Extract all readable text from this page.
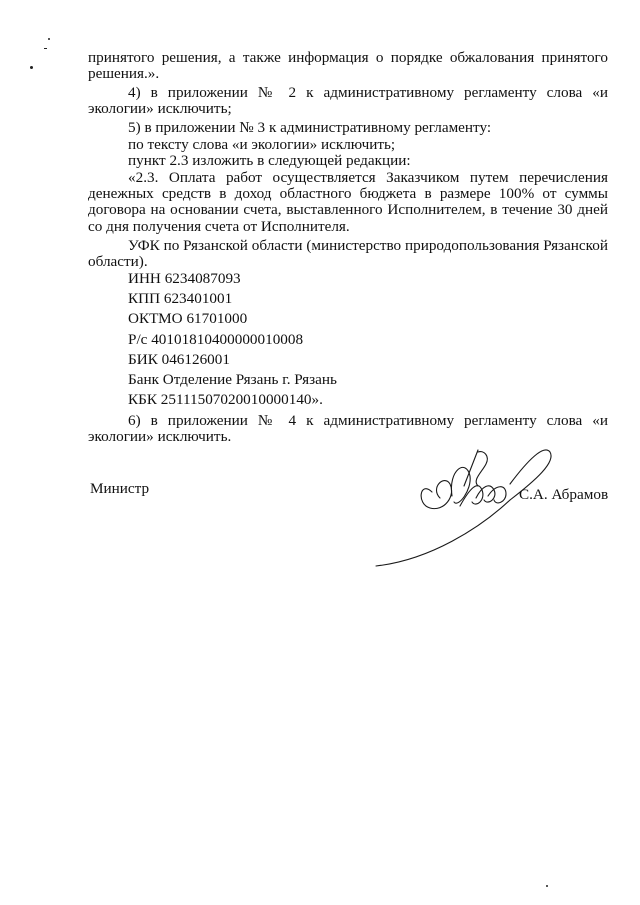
принятого решения, а также информация о порядке обжалования принятого решения.».

4) в приложении № 2 к административному регламенту слова «и экологии» исключить;

5) в приложении № 3 к административному регламенту:

по тексту слова «и экологии» исключить;

пункт 2.3 изложить в следующей редакции:

«2.3. Оплата работ осуществляется Заказчиком путем перечисления денежных средств в доход областного бюджета в размере 100% от суммы договора на основании счета, выставленного Исполнителем, в течение 30 дней со дня получения счета от Исполнителя.

УФК по Рязанской области (министерство природопользования Рязанской области).

ИНН 6234087093

КПП 623401001

ОКТМО 61701000

Р/с 40101810400000010008

БИК 046126001

Банк Отделение Рязань г. Рязань

КБК 25111507020010000140».

6) в приложении № 4 к административному регламенту слова «и экологии» исключить.

Министр	С.А. Абрамов
